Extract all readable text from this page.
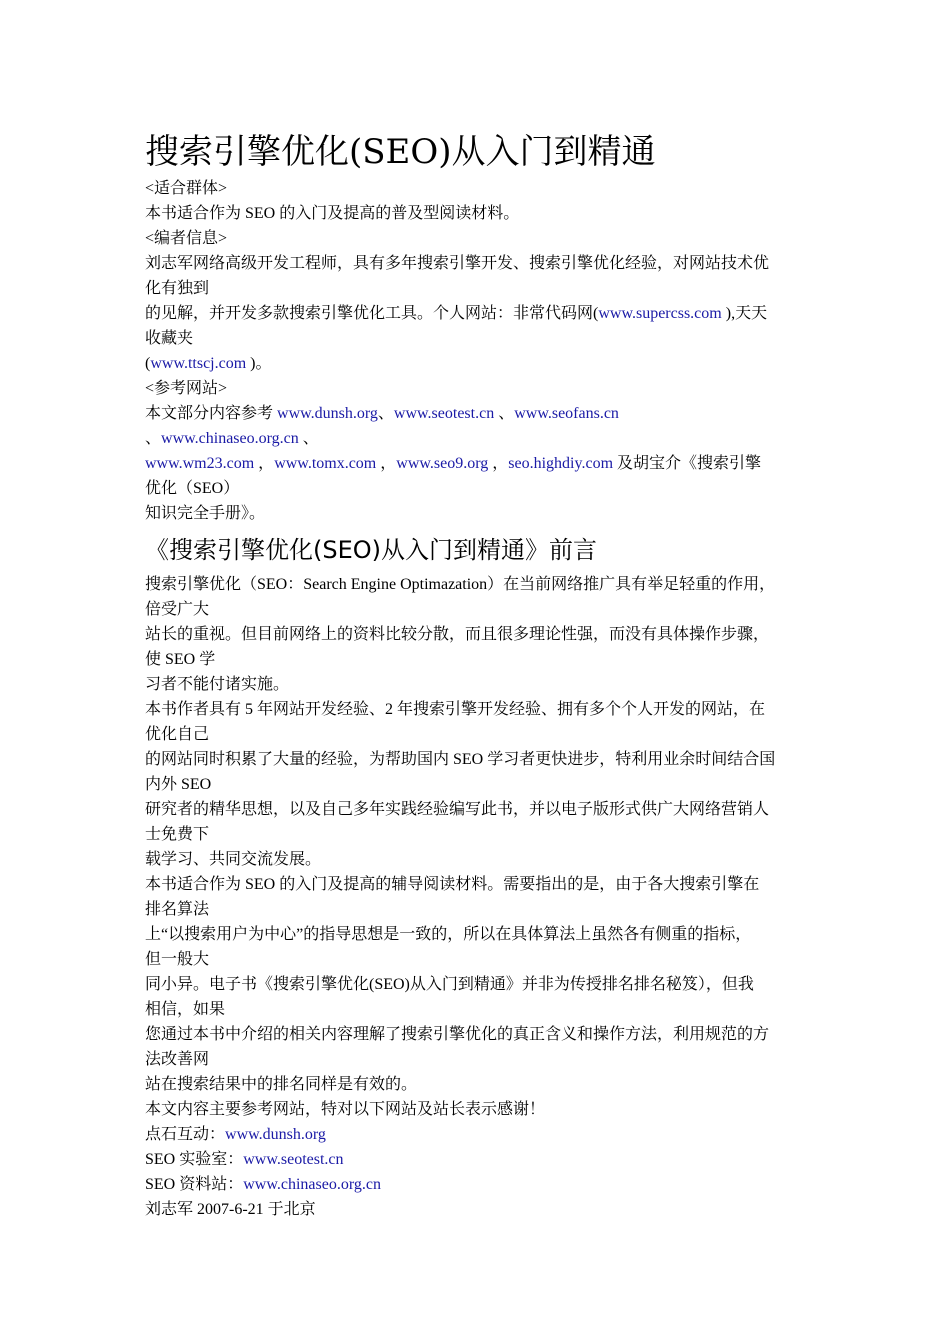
搜索引擎优化(SEO)从入门到精通
<适合群体>
本书适合作为 SEO 的入门及提高的普及型阅读材料。
<编者信息>
刘志军网络高级开发工程师，具有多年搜索引擎开发、搜索引擎优化经验，对网站技术优
化有独到
的见解，并开发多款搜索引擎优化工具。个人网站：非常代码网(www.supercss.com ),天天
收藏夹
(www.ttscj.com )。
<参考网站>
本文部分内容参考 www.dunsh.org、www.seotest.cn 、www.seofans.cn
、www.chinaseo.org.cn 、
www.wm23.com ，www.tomx.com ，www.seo9.org ，seo.highdiy.com 及胡宝介《搜索引擎
优化（SEO）
知识完全手册》。
《搜索引擎优化(SEO)从入门到精通》前言
搜索引擎优化（SEO：Search Engine Optimazation）在当前网络推广具有举足轻重的作用，
倍受广大
站长的重视。但目前网络上的资料比较分散，而且很多理论性强，而没有具体操作步骤，
使 SEO 学
习者不能付诸实施。
本书作者具有 5 年网站开发经验、2 年搜索引擎开发经验、拥有多个个人开发的网站，在
优化自己
的网站同时积累了大量的经验，为帮助国内 SEO 学习者更快进步，特利用业余时间结合国
内外 SEO
研究者的精华思想，以及自己多年实践经验编写此书，并以电子版形式供广大网络营销人
士免费下
载学习、共同交流发展。
本书适合作为 SEO 的入门及提高的辅导阅读材料。需要指出的是，由于各大搜索引擎在
排名算法
上“以搜索用户为中心”的指导思想是一致的，所以在具体算法上虽然各有侧重的指标，
但一般大
同小异。电子书《搜索引擎优化(SEO)从入门到精通》并非为传授排名排名秘笈），但我
相信，如果
您通过本书中介绍的相关内容理解了搜索引擎优化的真正含义和操作方法，利用规范的方
法改善网
站在搜索结果中的排名同样是有效的。
本文内容主要参考网站，特对以下网站及站长表示感谢！
点石互动：www.dunsh.org
SEO 实验室：www.seotest.cn
SEO 资料站：www.chinaseo.org.cn
刘志军 2007-6-21 于北京
